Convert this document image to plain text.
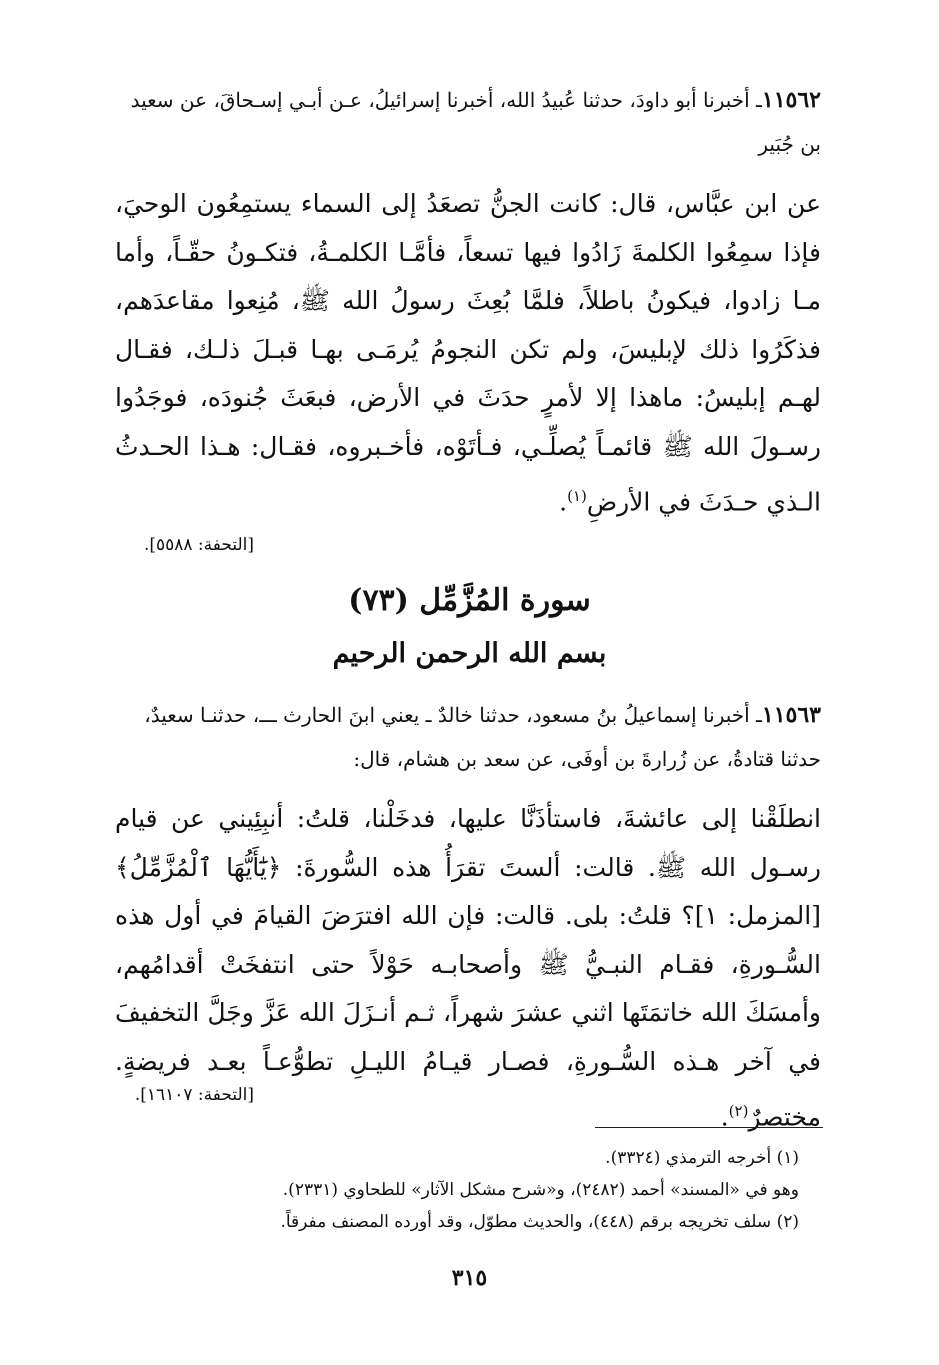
١١٥٦٢ـ أخبرنا أبو داودَ، حدثنا عُبيدُ الله، أخبرنا إسرائيلُ، عـن أبـي إسـحاقَ، عن سعيد بن جُبَير
عن ابن عبَّاس، قال: كانت الجنُّ تصعَدُ إلى السماء يستمِعُون الوحيَ، فإذا سمِعُوا الكلمةَ زَادُوا فيها تسعاً، فأمَّـا الكلمـةُ، فتكـونُ حقّـاً، وأما مـا زادوا، فيكونُ باطلاً، فلمَّا بُعِثَ رسولُ الله ﷺ، مُنِعوا مقاعدَهم، فذكَرُوا ذلك لإبليسَ، ولم تكن النجومُ يُرمَـى بهـا قبـلَ ذلـك، فقـال لهـم إبليسُ: ماهذا إلا لأمرٍ حدَثَ في الأرض، فبعَثَ جُنودَه، فوجَدُوا رسـولَ الله ﷺ قائمـاً يُصلِّـي، فـأتَوْه، فأخـبروه، فقـال: هـذا الحـدثُ الـذي حـدَثَ في الأرضِ$^{(١)}$.
[التحفة: ٥٥٨٨].
سورة المُزَّمِّل (٧٣)
بسم الله الرحمن الرحيم
١١٥٦٣ـ أخبرنا إسماعيلُ بنُ مسعود، حدثنا خالدٌ ـ يعني ابنَ الحارث ـــ، حدثنـا سعيدٌ، حدثنا قتادةُ، عن زُرارةَ بن أوفَى، عن سعد بن هشام، قال:
انطلَقْنا إلى عائشةَ، فاستأذَنَّا عليها، فدخَلْنا، قلتُ: أنبِئِيني عن قيام رسـول الله ﷺ. قالت: ألستَ تقرَأُ هذه السُّورةَ: ﴿يَٰٓأَيُّهَا ٱلْمُزَّمِّلُ﴾ [المزمل: ١]؟ قلتُ: بلى. قالت: فإن الله افترَضَ القيامَ في أول هذه السُّـورةِ، فقـام النبـيُّ ﷺ وأصحابـه حَوْلاً حتى انتفخَتْ أقدامُهم، وأمسَكَ الله خاتمَتَها اثني عشرَ شهراً، ثـم أنـزَلَ الله عَزَّ وجَلَّ التخفيفَ في آخر هـذه السُّـورةِ، فصـار قيـامُ الليـلِ تطوُّعـاً بعـد فريضةٍ. مختصرٌ$^{(٢)}$.
[التحفة: ١٦١٠٧].
(١) أخرجه الترمذي (٣٣٢٤).
وهو في «المسند» أحمد (٢٤٨٢)، و«شرح مشكل الآثار» للطحاوي (٢٣٣١).
(٢) سلف تخريجه برقم (٤٤٨)، والحديث مطوّل، وقد أورده المصنف مفرقاً.
٣١٥
